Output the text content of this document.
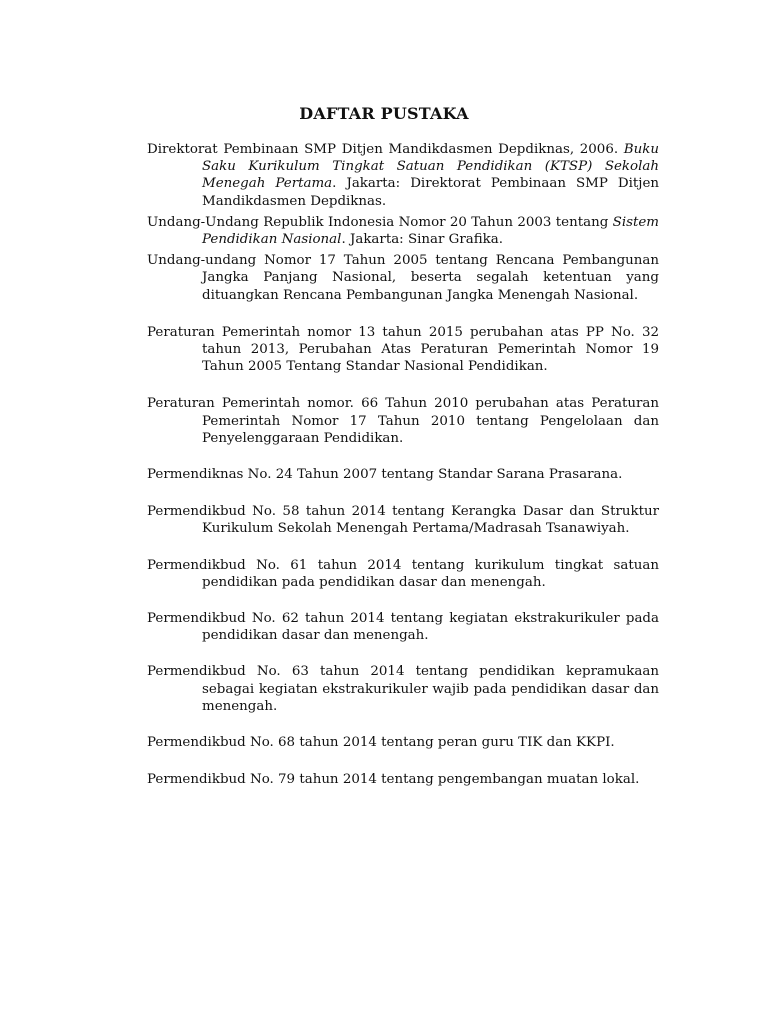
DAFTAR PUSTAKA
Direktorat Pembinaan SMP Ditjen Mandikdasmen Depdiknas, 2006. Buku Saku Kurikulum Tingkat Satuan Pendidikan (KTSP) Sekolah Menegah Pertama. Jakarta: Direktorat Pembinaan SMP Ditjen Mandikdasmen Depdiknas.
Undang-Undang Republik Indonesia Nomor 20 Tahun 2003 tentang Sistem Pendidikan Nasional. Jakarta: Sinar Grafika.
Undang-undang Nomor 17 Tahun 2005 tentang Rencana Pembangunan Jangka Panjang Nasional, beserta segalah ketentuan yang dituangkan Rencana Pembangunan Jangka Menengah Nasional.
Peraturan Pemerintah nomor 13 tahun 2015 perubahan atas PP No. 32 tahun 2013, Perubahan Atas Peraturan Pemerintah Nomor 19 Tahun 2005 Tentang Standar Nasional Pendidikan.
Peraturan Pemerintah nomor. 66 Tahun 2010 perubahan atas Peraturan Pemerintah Nomor 17 Tahun 2010 tentang Pengelolaan dan Penyelenggaraan Pendidikan.
Permendiknas No. 24 Tahun 2007 tentang Standar Sarana Prasarana.
Permendikbud No. 58 tahun 2014 tentang Kerangka Dasar dan Struktur Kurikulum Sekolah Menengah Pertama/Madrasah Tsanawiyah.
Permendikbud No. 61 tahun 2014 tentang kurikulum tingkat satuan pendidikan pada pendidikan dasar dan menengah.
Permendikbud No. 62 tahun 2014 tentang kegiatan ekstrakurikuler pada pendidikan dasar dan menengah.
Permendikbud No. 63 tahun 2014 tentang pendidikan kepramukaan sebagai kegiatan ekstrakurikuler wajib pada pendidikan dasar dan menengah.
Permendikbud No. 68 tahun 2014 tentang peran guru TIK dan KKPI.
Permendikbud No. 79 tahun 2014 tentang pengembangan muatan lokal.
